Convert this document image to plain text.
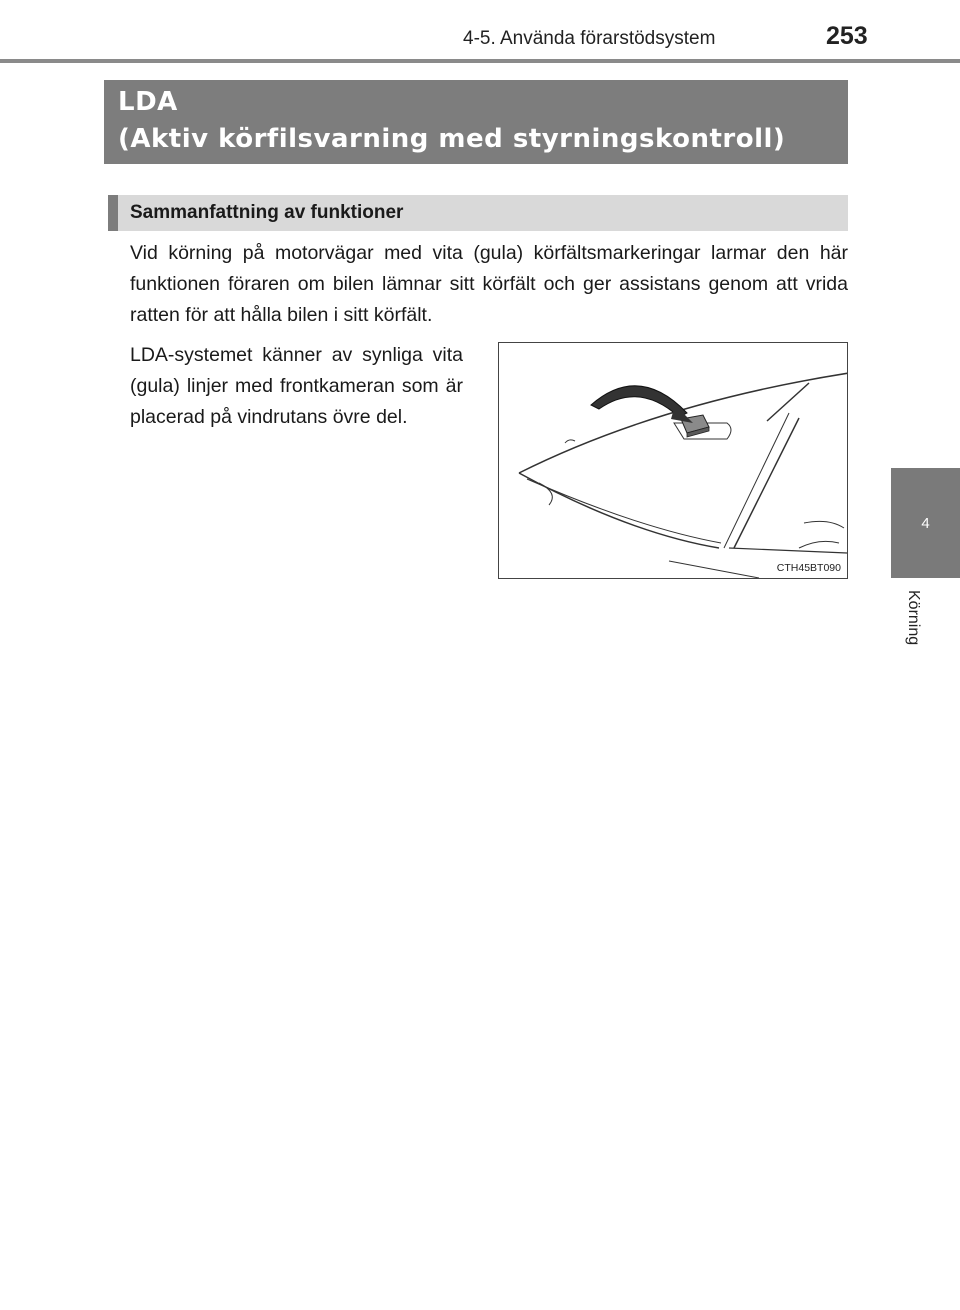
4-5. Använda förarstödsystem	253
4
Körning
LDA
(Aktiv körfilsvarning med styrningskontroll)
Sammanfattning av funktioner

Vid körning på motorvägar med vita (gula) körfältsmarkeringar larmar den här funktionen föraren om bilen lämnar sitt körfält och ger assistans genom att vrida ratten för att hålla bilen i sitt körfält.

LDA-systemet känner av synliga vita (gula) linjer med frontkameran som är placerad på vindrutans övre del.

CTH45BT090
